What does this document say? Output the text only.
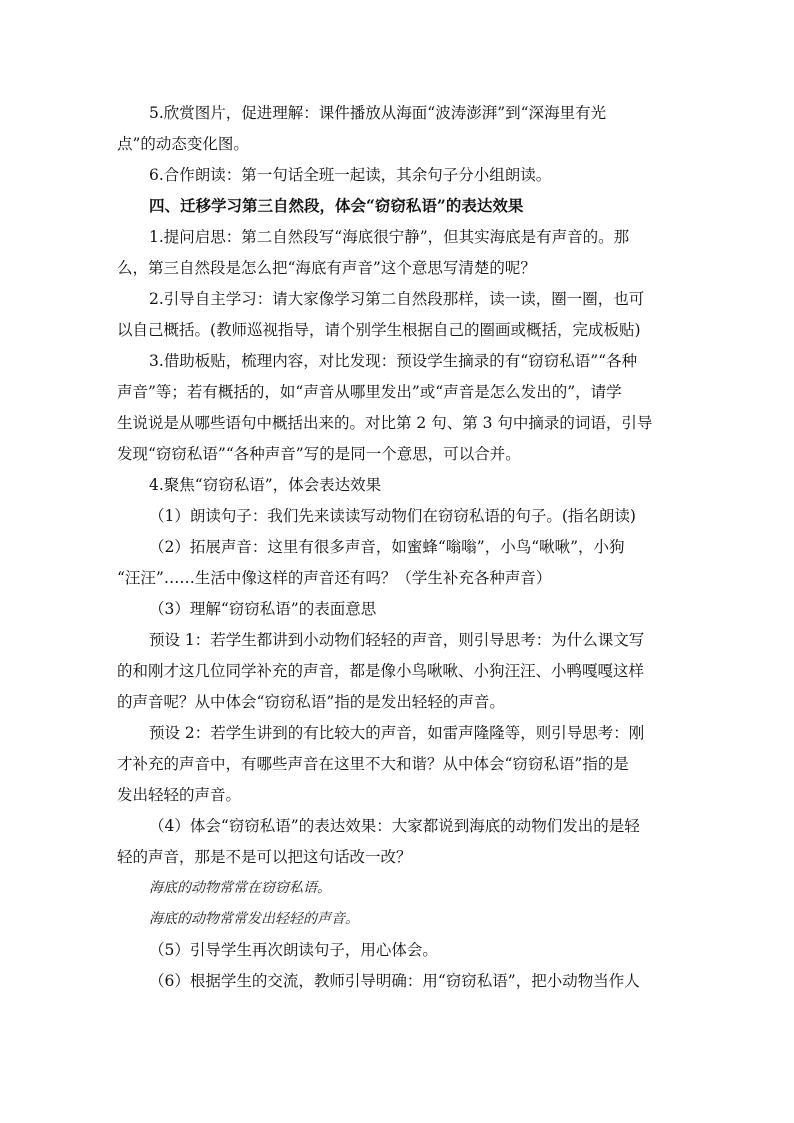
5.欣赏图片，促进理解：课件播放从海面“波涛澎湃”到“深海里有光
点”的动态变化图。
6.合作朗读：第一句话全班一起读，其余句子分小组朗读。
四、迁移学习第三自然段，体会“窃窃私语”的表达效果
1.提问启思：第二自然段写“海底很宁静”，但其实海底是有声音的。那
么，第三自然段是怎么把“海底有声音”这个意思写清楚的呢？
2.引导自主学习：请大家像学习第二自然段那样，读一读，圈一圈，也可
以自己概括。(教师巡视指导，请个别学生根据自己的圈画或概括，完成板贴)
3.借助板贴，梳理内容，对比发现：预设学生摘录的有“窃窃私语”“各种
声音”等；若有概括的，如“声音从哪里发出”或“声音是怎么发出的”，请学
生说说是从哪些语句中概括出来的。对比第 2 句、第 3 句中摘录的词语，引导
发现“窃窃私语”“各种声音”写的是同一个意思，可以合并。
4.聚焦“窃窃私语”，体会表达效果
（1）朗读句子：我们先来读读写动物们在窃窃私语的句子。(指名朗读)
（2）拓展声音：这里有很多声音，如蜜蜂“嗡嗡”，小鸟“啾啾”，小狗
“汪汪”……生活中像这样的声音还有吗？（学生补充各种声音）
（3）理解“窃窃私语”的表面意思
预设 1：若学生都讲到小动物们轻轻的声音，则引导思考：为什么课文写
的和刚才这几位同学补充的声音，都是像小鸟啾啾、小狗汪汪、小鸭嘎嘎这样
的声音呢？从中体会“窃窃私语”指的是发出轻轻的声音。
预设 2：若学生讲到的有比较大的声音，如雷声隆隆等，则引导思考：刚
才补充的声音中，有哪些声音在这里不大和谐？从中体会“窃窃私语”指的是
发出轻轻的声音。
（4）体会“窃窃私语”的表达效果：大家都说到海底的动物们发出的是轻
轻的声音，那是不是可以把这句话改一改？
海底的动物常常在窃窃私语。
海底的动物常常发出轻轻的声音。
（5）引导学生再次朗读句子，用心体会。
（6）根据学生的交流，教师引导明确：用“窃窃私语”，把小动物当作人
